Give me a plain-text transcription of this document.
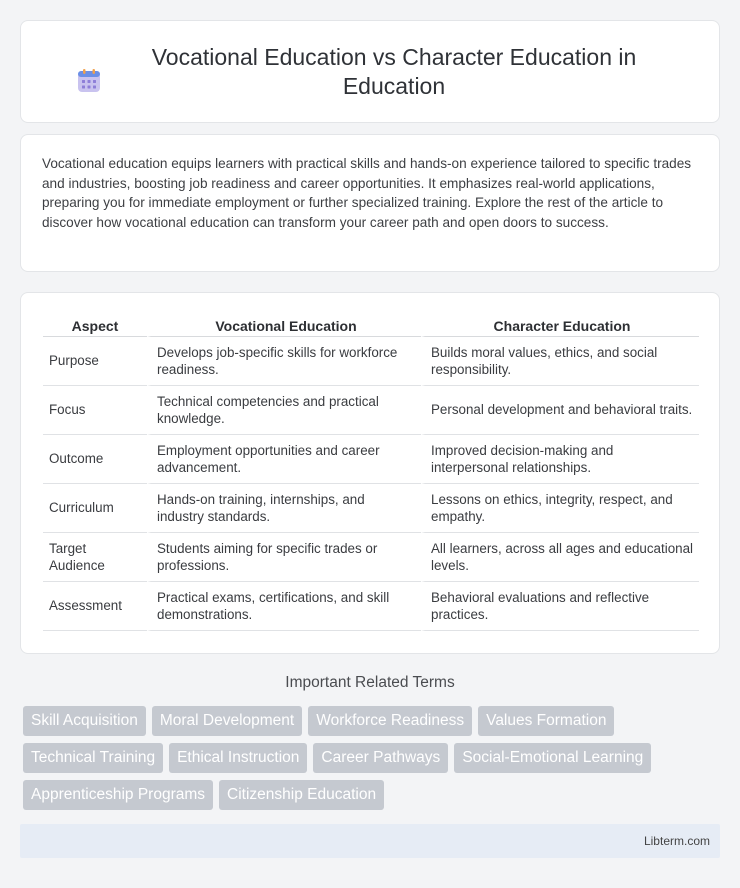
Vocational Education vs Character Education in Education

Vocational education equips learners with practical skills and hands-on experience tailored to specific trades and industries, boosting job readiness and career opportunities. It emphasizes real-world applications, preparing you for immediate employment or further specialized training. Explore the rest of the article to discover how vocational education can transform your career path and open doors to success.

Aspect	Vocational Education	Character Education
Purpose	Develops job-specific skills for workforce readiness.	Builds moral values, ethics, and social responsibility.
Focus	Technical competencies and practical knowledge.	Personal development and behavioral traits.
Outcome	Employment opportunities and career advancement.	Improved decision-making and interpersonal relationships.
Curriculum	Hands-on training, internships, and industry standards.	Lessons on ethics, integrity, respect, and empathy.
Target Audience	Students aiming for specific trades or professions.	All learners, across all ages and educational levels.
Assessment	Practical exams, certifications, and skill demonstrations.	Behavioral evaluations and reflective practices.
Important Related Terms
Skill Acquisition	Moral Development	Workforce Readiness	Values Formation
Technical Training	Ethical Instruction	Career Pathways	Social-Emotional Learning
Apprenticeship Programs	Citizenship Education
Libterm.com
